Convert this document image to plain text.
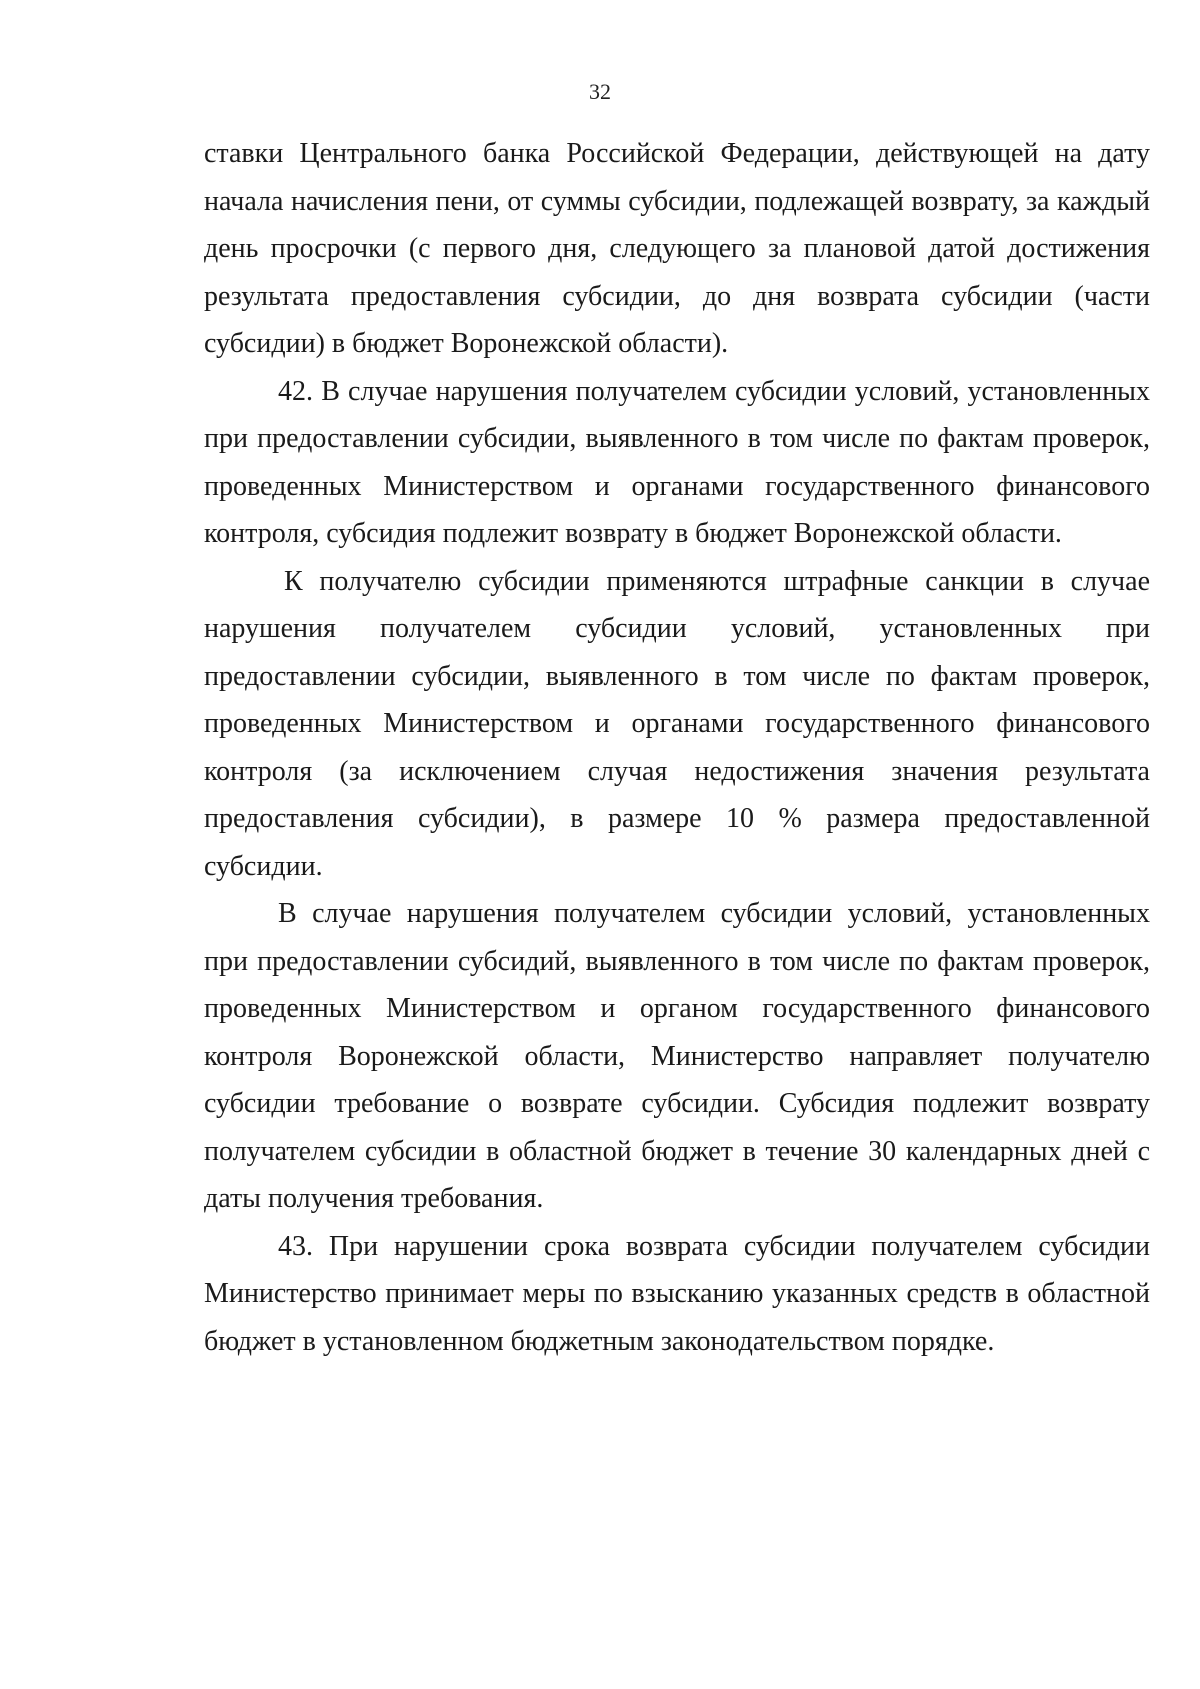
32

ставки Центрального банка Российской Федерации, действующей на дату начала начисления пени, от суммы субсидии, подлежащей возврату, за каждый день просрочки (с первого дня, следующего за плановой датой достижения результата предоставления субсидии, до дня возврата субсидии (части субсидии) в бюджет Воронежской области).

42. В случае нарушения получателем субсидии условий, установленных при предоставлении субсидии, выявленного в том числе по фактам проверок, проведенных Министерством и органами государственного финансового контроля, субсидия подлежит возврату в бюджет Воронежской области.

К получателю субсидии применяются штрафные санкции в случае нарушения получателем субсидии условий, установленных при предоставлении субсидии, выявленного в том числе по фактам проверок, проведенных Министерством и органами государственного финансового контроля (за исключением случая недостижения значения результата предоставления субсидии), в размере 10 % размера предоставленной субсидии.

В случае нарушения получателем субсидии условий, установленных при предоставлении субсидий, выявленного в том числе по фактам проверок, проведенных Министерством и органом государственного финансового контроля Воронежской области, Министерство направляет получателю субсидии требование о возврате субсидии. Субсидия подлежит возврату получателем субсидии в областной бюджет в течение 30 календарных дней с даты получения требования.

43. При нарушении срока возврата субсидии получателем субсидии Министерство принимает меры по взысканию указанных средств в областной бюджет в установленном бюджетным законодательством порядке.
